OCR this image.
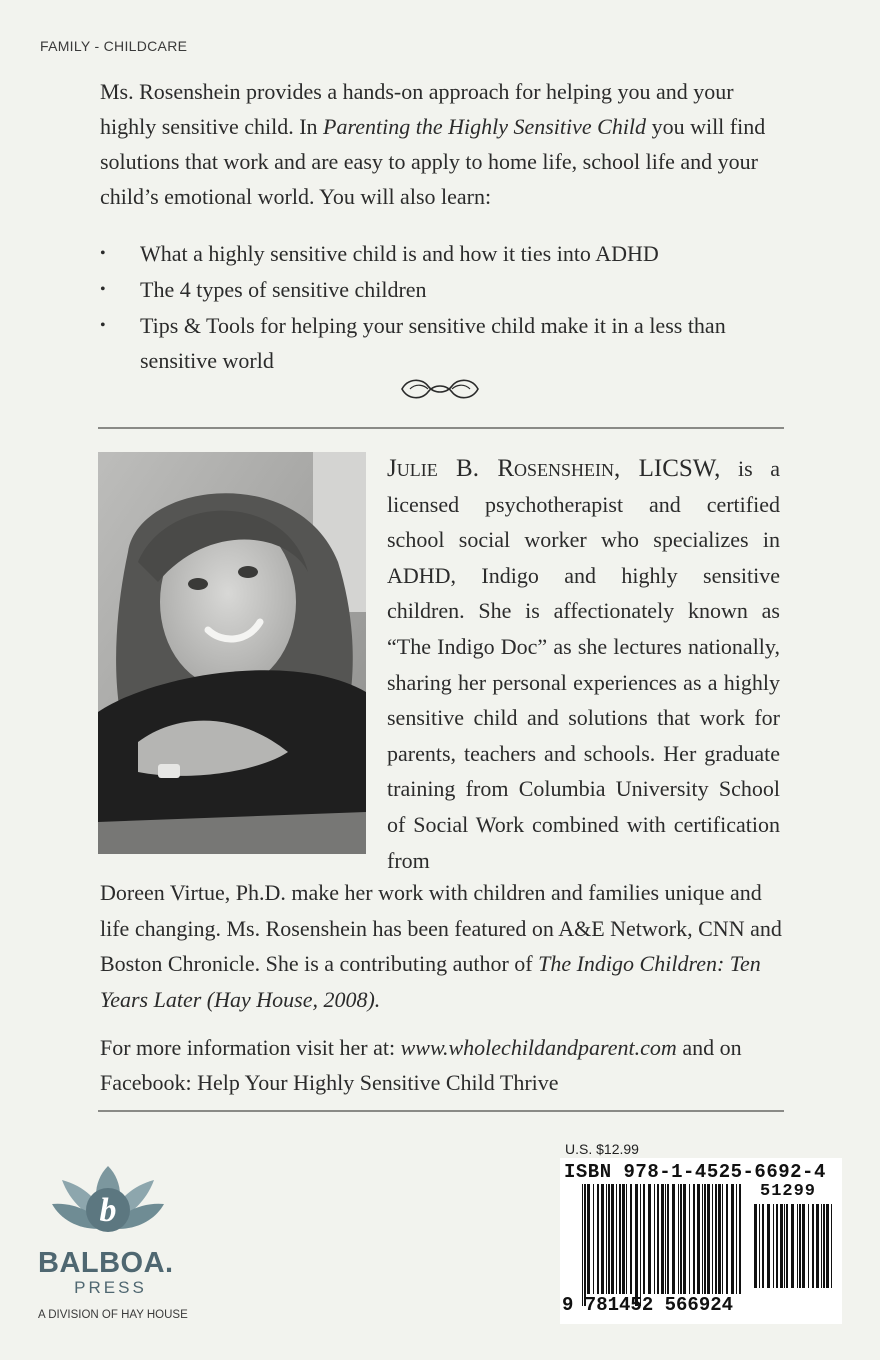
FAMILY - CHILDCARE

Ms. Rosenshein provides a hands-on approach for helping you and your highly sensitive child. In Parenting the Highly Sensitive Child you will find solutions that work and are easy to apply to home life, school life and your child’s emotional world. You will also learn:

• What a highly sensitive child is and how it ties into ADHD
• The 4 types of sensitive children
• Tips & Tools for helping your sensitive child make it in a less than sensitive world

Julie B. Rosenshein, LICSW, is a licensed psychotherapist and certified school social worker who specializes in ADHD, Indigo and highly sensitive children. She is affectionately known as “The Indigo Doc” as she lectures nationally, sharing her personal experiences as a highly sensitive child and solutions that work for parents, teachers and schools. Her graduate training from Columbia University School of Social Work combined with certification from

Doreen Virtue, Ph.D. make her work with children and families unique and life changing. Ms. Rosenshein has been featured on A&E Network, CNN and Boston Chronicle. She is a contributing author of The Indigo Children: Ten Years Later (Hay House, 2008).

For more information visit her at: www.wholechildandparent.com and on Facebook: Help Your Highly Sensitive Child Thrive

b
BALBOA.
PRESS
A DIVISION OF HAY HOUSE
U.S. $12.99
ISBN 978-1-4525-6692-4
51299
9 781452 566924
